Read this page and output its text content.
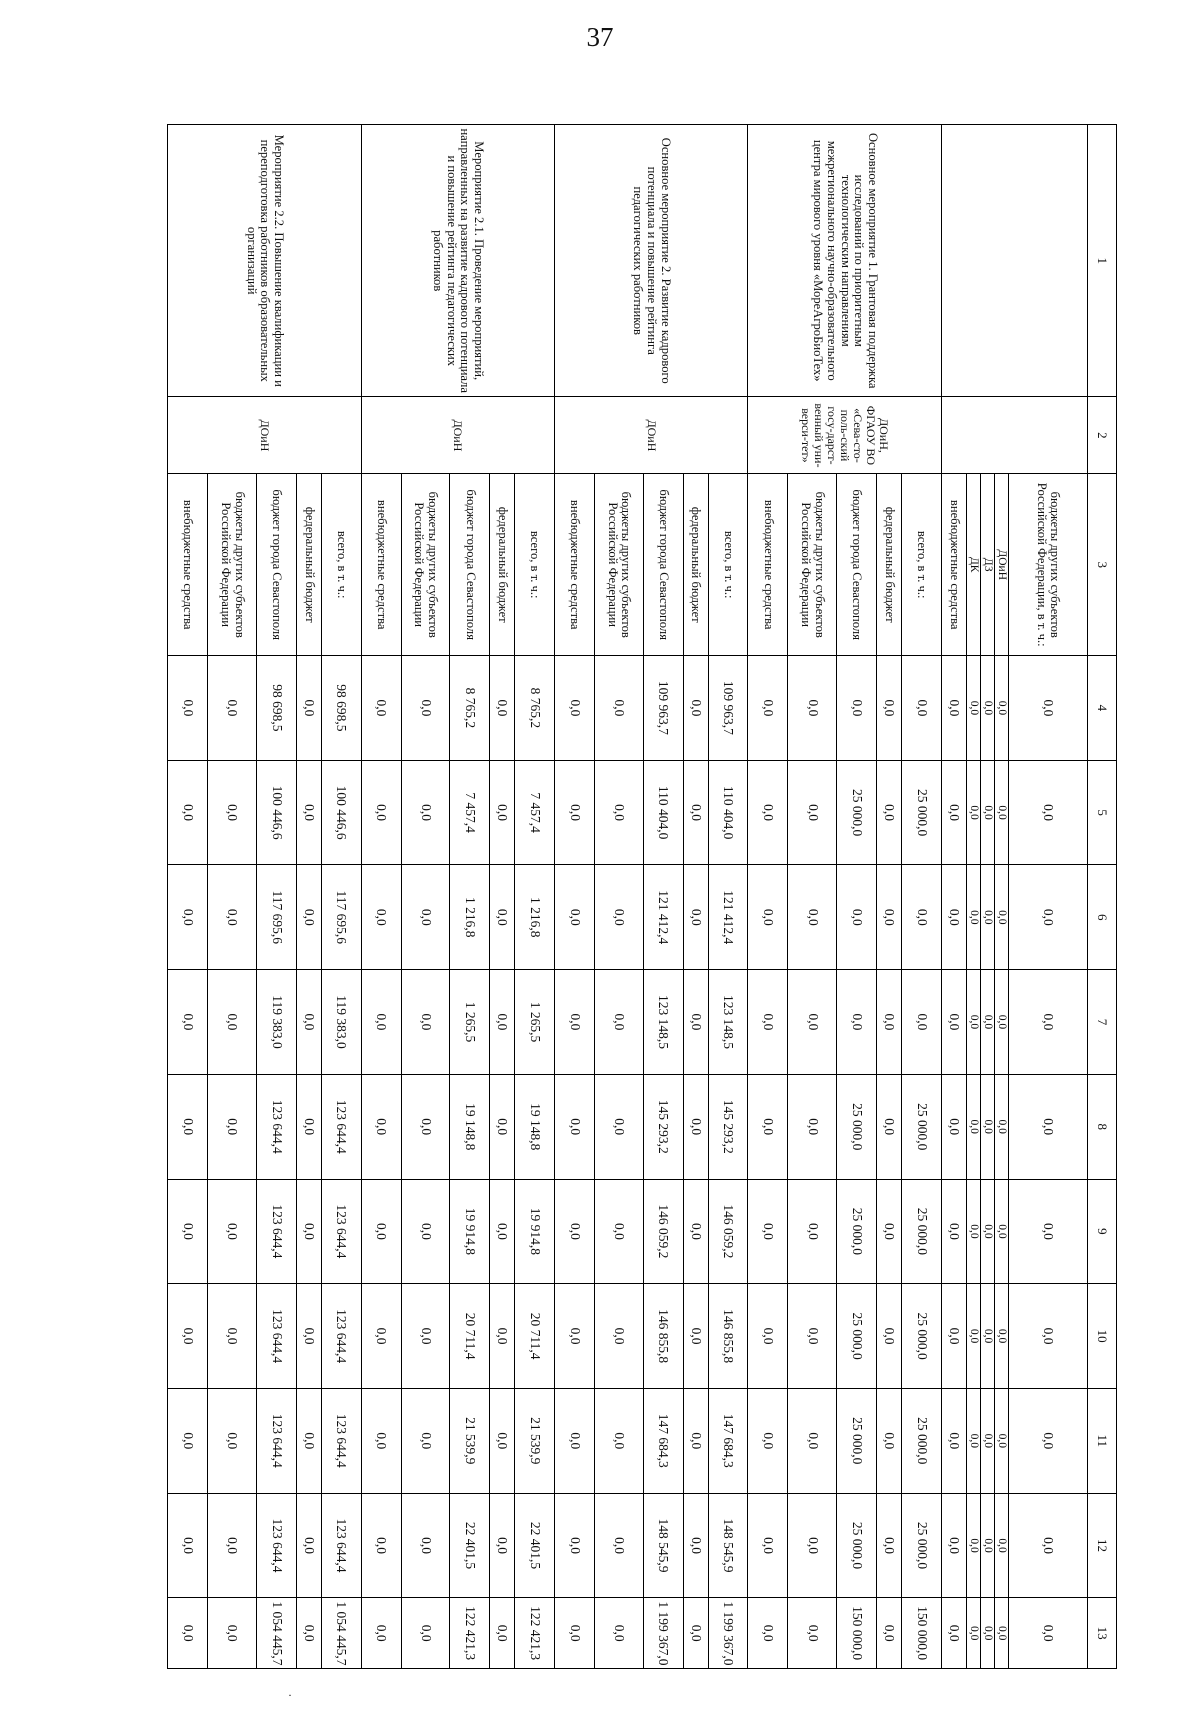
37
1	2	3	4	5	6	7	8	9	10	11	12	13
		бюджеты других субъектов Российской Федерации, в т. ч.:	0,0	0,0	0,0	0,0	0,0	0,0	0,0	0,0	0,0	0,0
		ДОиН	0,0	0,0	0,0	0,0	0,0	0,0	0,0	0,0	0,0	0,0
		ДЗ	0,0	0,0	0,0	0,0	0,0	0,0	0,0	0,0	0,0	0,0
		ДК	0,0	0,0	0,0	0,0	0,0	0,0	0,0	0,0	0,0	0,0
		внебюджетные средства	0,0	0,0	0,0	0,0	0,0	0,0	0,0	0,0	0,0	0,0
Основное мероприятие 1. Грантовая поддержка исследований по приоритетным технологическим направлениям межрегионального научно-образовательного центра мирового уровня «МореАгроБиоТех»	ДОиН, ФГАОУ ВО «Сева-сто-поль-ский госу-дарст-венный уни-верси-тет»	всего, в т. ч.:	0,0	25 000,0	0,0	0,0	25 000,0	25 000,0	25 000,0	25 000,0	25 000,0	150 000,0
		федеральный бюджет	0,0	0,0	0,0	0,0	0,0	0,0	0,0	0,0	0,0	0,0
		бюджет города Севастополя	0,0	25 000,0	0,0	0,0	25 000,0	25 000,0	25 000,0	25 000,0	25 000,0	150 000,0
		бюджеты других субъектов Российской Федерации	0,0	0,0	0,0	0,0	0,0	0,0	0,0	0,0	0,0	0,0
		внебюджетные средства	0,0	0,0	0,0	0,0	0,0	0,0	0,0	0,0	0,0	0,0
Основное мероприятие 2. Развитие кадрового потенциала и повышение рейтинга педагогических работников	ДОиН	всего, в т. ч.:	109 963,7	110 404,0	121 412,4	123 148,5	145 293,2	146 059,2	146 855,8	147 684,3	148 545,9	1 199 367,0
		федеральный бюджет	0,0	0,0	0,0	0,0	0,0	0,0	0,0	0,0	0,0	0,0
		бюджет города Севастополя	109 963,7	110 404,0	121 412,4	123 148,5	145 293,2	146 059,2	146 855,8	147 684,3	148 545,9	1 199 367,0
		бюджеты других субъектов Российской Федерации	0,0	0,0	0,0	0,0	0,0	0,0	0,0	0,0	0,0	0,0
		внебюджетные средства	0,0	0,0	0,0	0,0	0,0	0,0	0,0	0,0	0,0	0,0
Мероприятие 2.1. Проведение мероприятий, направленных на развитие кадрового потенциала и повышение рейтинга педагогических работников	ДОиН	всего, в т. ч.:	8 765,2	7 457,4	1 216,8	1 265,5	19 148,8	19 914,8	20 711,4	21 539,9	22 401,5	122 421,3
		федеральный бюджет	0,0	0,0	0,0	0,0	0,0	0,0	0,0	0,0	0,0	0,0
		бюджет города Севастополя	8 765,2	7 457,4	1 216,8	1 265,5	19 148,8	19 914,8	20 711,4	21 539,9	22 401,5	122 421,3
		бюджеты других субъектов Российской Федерации	0,0	0,0	0,0	0,0	0,0	0,0	0,0	0,0	0,0	0,0
		внебюджетные средства	0,0	0,0	0,0	0,0	0,0	0,0	0,0	0,0	0,0	0,0
Мероприятие 2.2. Повышение квалификации и переподготовка работников образовательных организаций	ДОиН	всего, в т. ч.:	98 698,5	100 446,6	117 695,6	119 383,0	123 644,4	123 644,4	123 644,4	123 644,4	123 644,4	1 054 445,7
		федеральный бюджет	0,0	0,0	0,0	0,0	0,0	0,0	0,0	0,0	0,0	0,0
		бюджет города Севастополя	98 698,5	100 446,6	117 695,6	119 383,0	123 644,4	123 644,4	123 644,4	123 644,4	123 644,4	1 054 445,7
		бюджеты других субъектов Российской Федерации	0,0	0,0	0,0	0,0	0,0	0,0	0,0	0,0	0,0	0,0
		внебюджетные средства	0,0	0,0	0,0	0,0	0,0	0,0	0,0	0,0	0,0	0,0
·
